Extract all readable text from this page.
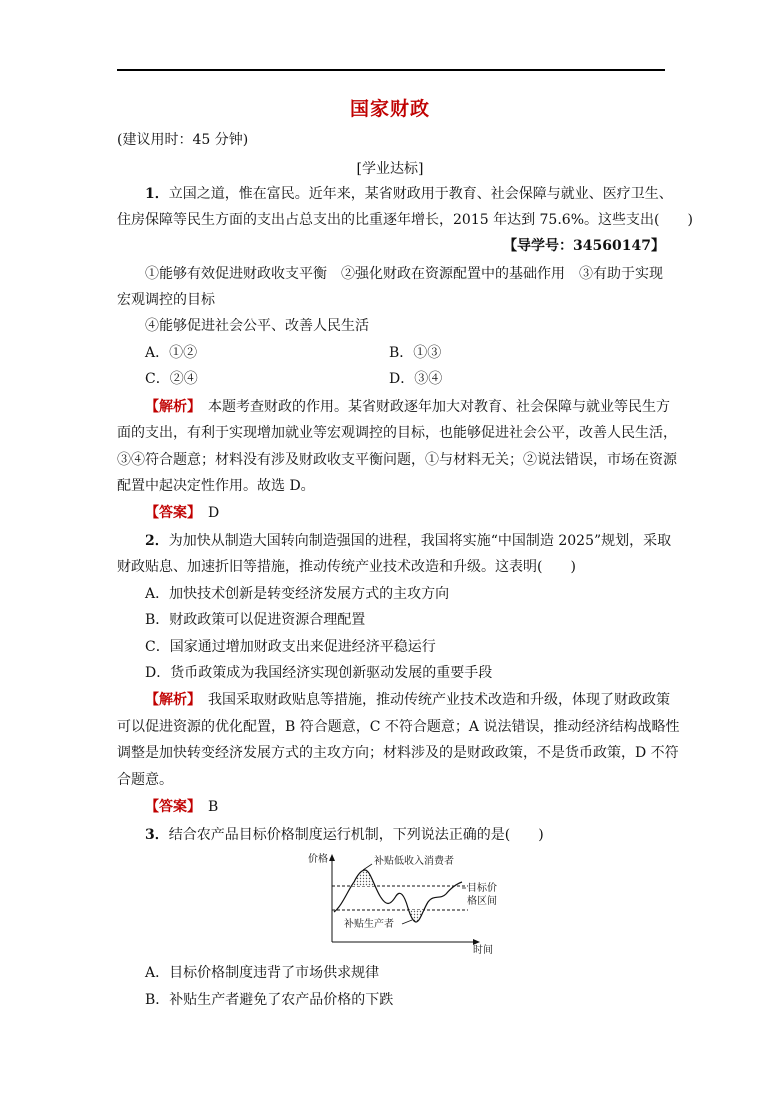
国家财政
(建议用时：45 分钟)
[学业达标]
1．立国之道，惟在富民。近年来，某省财政用于教育、社会保障与就业、医疗卫生、
住房保障等民生方面的支出占总支出的比重逐年增长，2015 年达到 75.6%。这些支出(　　)
【导学号：34560147】
①能够有效促进财政收支平衡　②强化财政在资源配置中的基础作用　③有助于实现
宏观调控的目标
④能够促进社会公平、改善人民生活
A．①②	B．①③
C．②④	D．③④
【解析】　本题考查财政的作用。某省财政逐年加大对教育、社会保障与就业等民生方
面的支出，有利于实现增加就业等宏观调控的目标，也能够促进社会公平，改善人民生活，
③④符合题意；材料没有涉及财政收支平衡问题，①与材料无关；②说法错误，市场在资源
配置中起决定性作用。故选 D。
【答案】　D
2．为加快从制造大国转向制造强国的进程，我国将实施“中国制造 2025”规划，采取
财政贴息、加速折旧等措施，推动传统产业技术改造和升级。这表明(　　)
A．加快技术创新是转变经济发展方式的主攻方向
B．财政政策可以促进资源合理配置
C．国家通过增加财政支出来促进经济平稳运行
D．货币政策成为我国经济实现创新驱动发展的重要手段
【解析】　我国采取财政贴息等措施，推动传统产业技术改造和升级，体现了财政政策
可以促进资源的优化配置，B 符合题意，C 不符合题意；A 说法错误，推动经济结构战略性
调整是加快转变经济发展方式的主攻方向；材料涉及的是财政政策，不是货币政策，D 不符
合题意。
【答案】　B
3．结合农产品目标价格制度运行机制，下列说法正确的是(　　)
价格
时间
补贴低收入消费者
目标价
格区间
补贴生产者
A．目标价格制度违背了市场供求规律
B．补贴生产者避免了农产品价格的下跌
